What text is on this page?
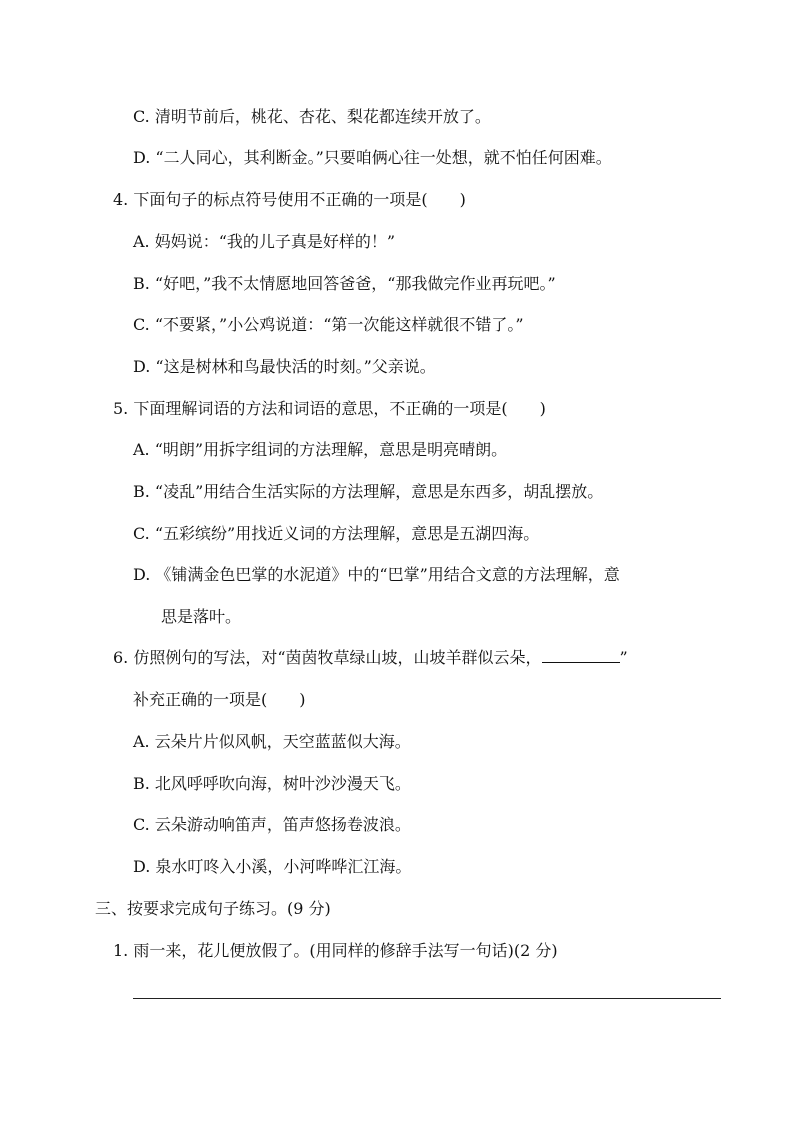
C. 清明节前后，桃花、杏花、梨花都连续开放了。
D. “二人同心，其利断金。”只要咱俩心往一处想，就不怕任何困难。
4. 下面句子的标点符号使用不正确的一项是(　　)
A. 妈妈说：“我的儿子真是好样的！”
B. “好吧，”我不太情愿地回答爸爸，“那我做完作业再玩吧。”
C. “不要紧，”小公鸡说道：“第一次能这样就很不错了。”
D. “这是树林和鸟最快活的时刻。”父亲说。
5. 下面理解词语的方法和词语的意思，不正确的一项是(　　)
A. “明朗”用拆字组词的方法理解，意思是明亮晴朗。
B. “凌乱”用结合生活实际的方法理解，意思是东西多，胡乱摆放。
C. “五彩缤纷”用找近义词的方法理解，意思是五湖四海。
D. 《铺满金色巴掌的水泥道》中的“巴掌”用结合文意的方法理解，意
思是落叶。
6. 仿照例句的写法，对“茵茵牧草绿山坡，山坡羊群似云朵，	”
补充正确的一项是(　　)
A. 云朵片片似风帆，天空蓝蓝似大海。
B. 北风呼呼吹向海，树叶沙沙漫天飞。
C. 云朵游动响笛声，笛声悠扬卷波浪。
D. 泉水叮咚入小溪，小河哗哗汇江海。
三、按要求完成句子练习。(9 分)
1. 雨一来，花儿便放假了。(用同样的修辞手法写一句话)(2 分)
